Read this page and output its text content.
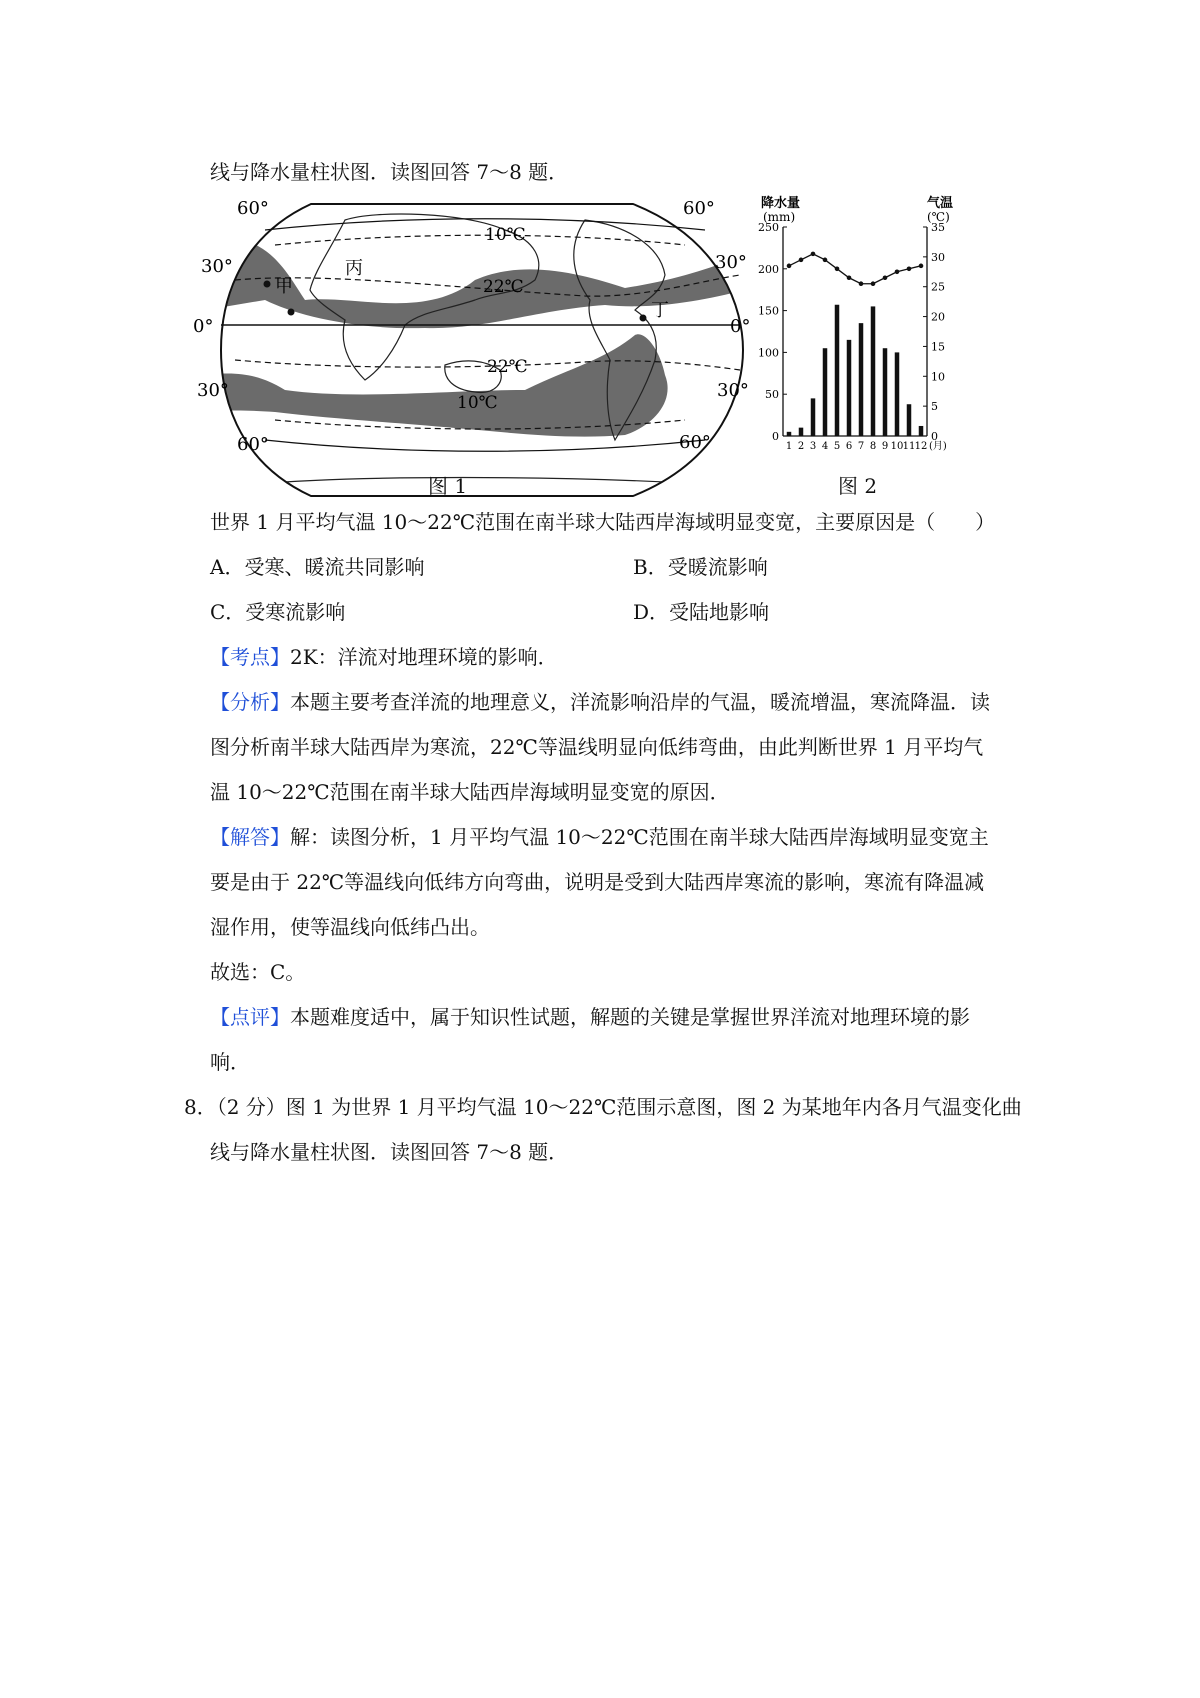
线与降水量柱状图．读图回答 7～8 题．
60°	60°
30°	30°
0°	0°
30°	30°
60°	60°
甲
丙
丁
10℃
22℃
22℃
10℃
图 1
降水量
(mm)
气温
(℃)
0
50
100
150
200
250
0
5
10
15
20
25
30
35
1 2 3 4 5 6 7 8 9 10 11 12 (月)
图 2
世界 1 月平均气温 10～22℃范围在南半球大陆西岸海域明显变宽，主要原因是（　　）
A．受寒、暖流共同影响	B．受暖流影响
C．受寒流影响	D．受陆地影响
【考点】2K：洋流对地理环境的影响．
【分析】本题主要考查洋流的地理意义，洋流影响沿岸的气温，暖流增温，寒流降温．读
图分析南半球大陆西岸为寒流，22℃等温线明显向低纬弯曲，由此判断世界 1 月平均气
温 10～22℃范围在南半球大陆西岸海域明显变宽的原因．
【解答】解：读图分析，1 月平均气温 10～22℃范围在南半球大陆西岸海域明显变宽主
要是由于 22℃等温线向低纬方向弯曲，说明是受到大陆西岸寒流的影响，寒流有降温减
湿作用，使等温线向低纬凸出。
故选：C。
【点评】本题难度适中，属于知识性试题，解题的关键是掌握世界洋流对地理环境的影
响．
8．（2 分）图 1 为世界 1 月平均气温 10～22℃范围示意图，图 2 为某地年内各月气温变化曲
线与降水量柱状图．读图回答 7～8 题．
